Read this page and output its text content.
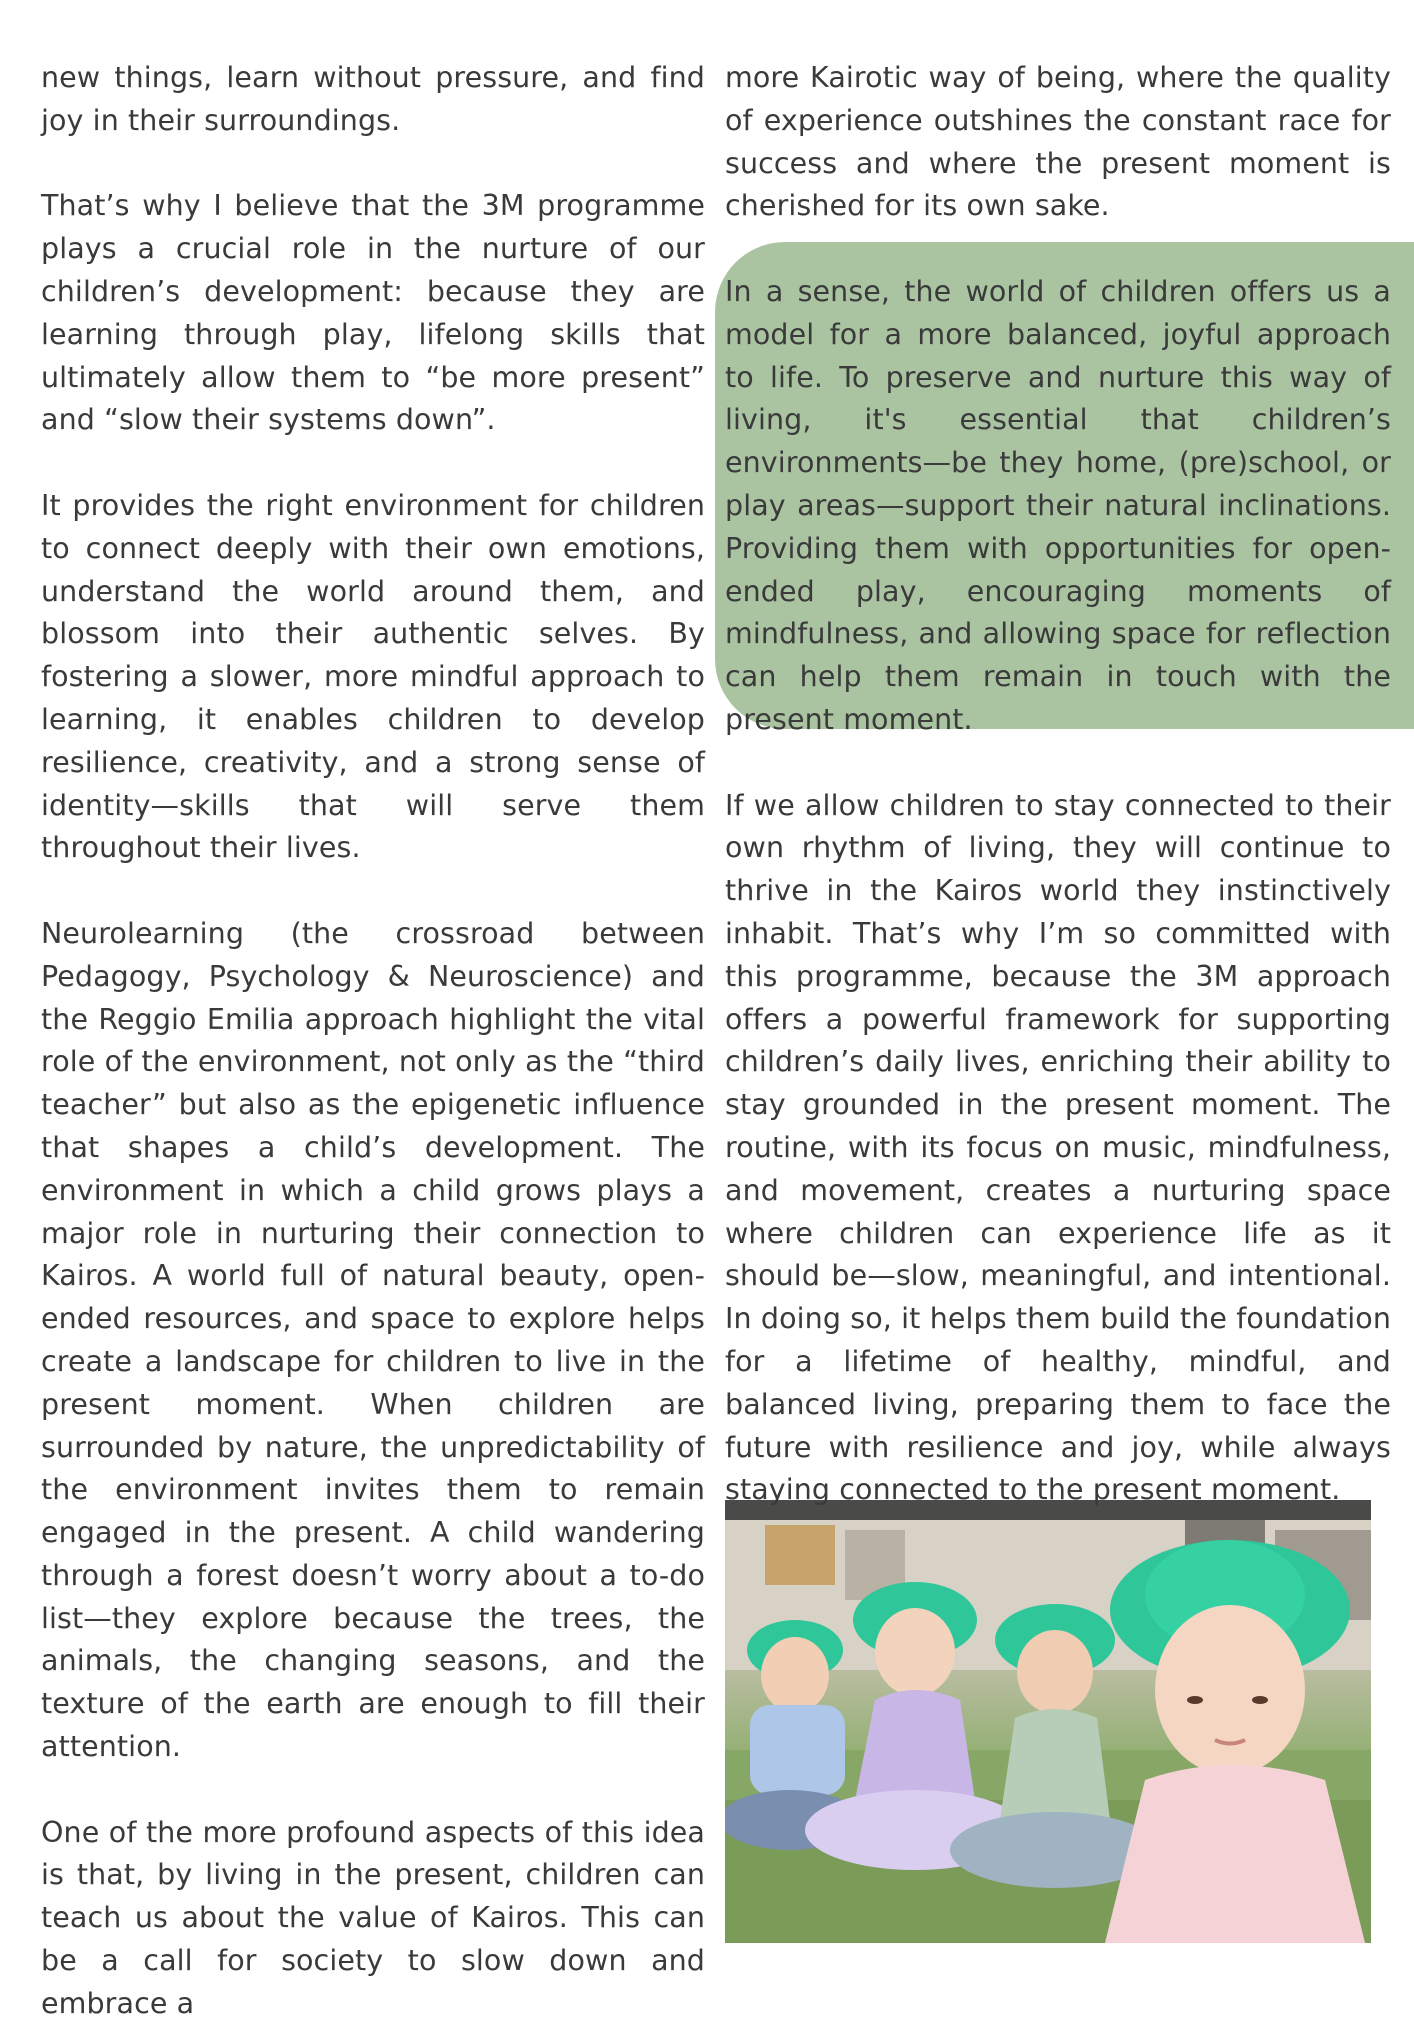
new things, learn without pressure, and find joy in their surroundings.

That’s why I believe that the 3M programme plays a crucial role in the nurture of our children’s development: because they are learning through play, lifelong skills that ultimately allow them to “be more present” and “slow their systems down”.

It provides the right environment for children to connect deeply with their own emotions, understand the world around them, and blossom into their authentic selves. By fostering a slower, more mindful approach to learning, it enables children to develop resilience, creativity, and a strong sense of identity—skills that will serve them throughout their lives.

Neurolearning (the crossroad between Pedagogy, Psychology & Neuroscience) and the Reggio Emilia approach highlight the vital role of the environment, not only as the “third teacher” but also as the epigenetic influence that shapes a child’s development. The environment in which a child grows plays a major role in nurturing their connection to Kairos. A world full of natural beauty, open-ended resources, and space to explore helps create a landscape for children to live in the present moment. When children are surrounded by nature, the unpredictability of the environment invites them to remain engaged in the present. A child wandering through a forest doesn’t worry about a to-do list—they explore because the trees, the animals, the changing seasons, and the texture of the earth are enough to fill their attention.

One of the more profound aspects of this idea is that, by living in the present, children can teach us about the value of Kairos. This can be a call for society to slow down and embrace a

more Kairotic way of being, where the quality of experience outshines the constant race for success and where the present moment is cherished for its own sake.

In a sense, the world of children offers us a model for a more balanced, joyful approach to life. To preserve and nurture this way of living, it's essential that children’s environments—be they home, (pre)school, or play areas—support their natural inclinations. Providing them with opportunities for open-ended play, encouraging moments of mindfulness, and allowing space for reflection can help them remain in touch with the present moment.

If we allow children to stay connected to their own rhythm of living, they will continue to thrive in the Kairos world they instinctively inhabit. That’s why I’m so committed with this programme, because the 3M approach offers a powerful framework for supporting children’s daily lives, enriching their ability to stay grounded in the present moment. The routine, with its focus on music, mindfulness, and movement, creates a nurturing space where children can experience life as it should be—slow, meaningful, and intentional. In doing so, it helps them build the foundation for a lifetime of healthy, mindful, and balanced living, preparing them to face the future with resilience and joy, while always staying connected to the present moment.
